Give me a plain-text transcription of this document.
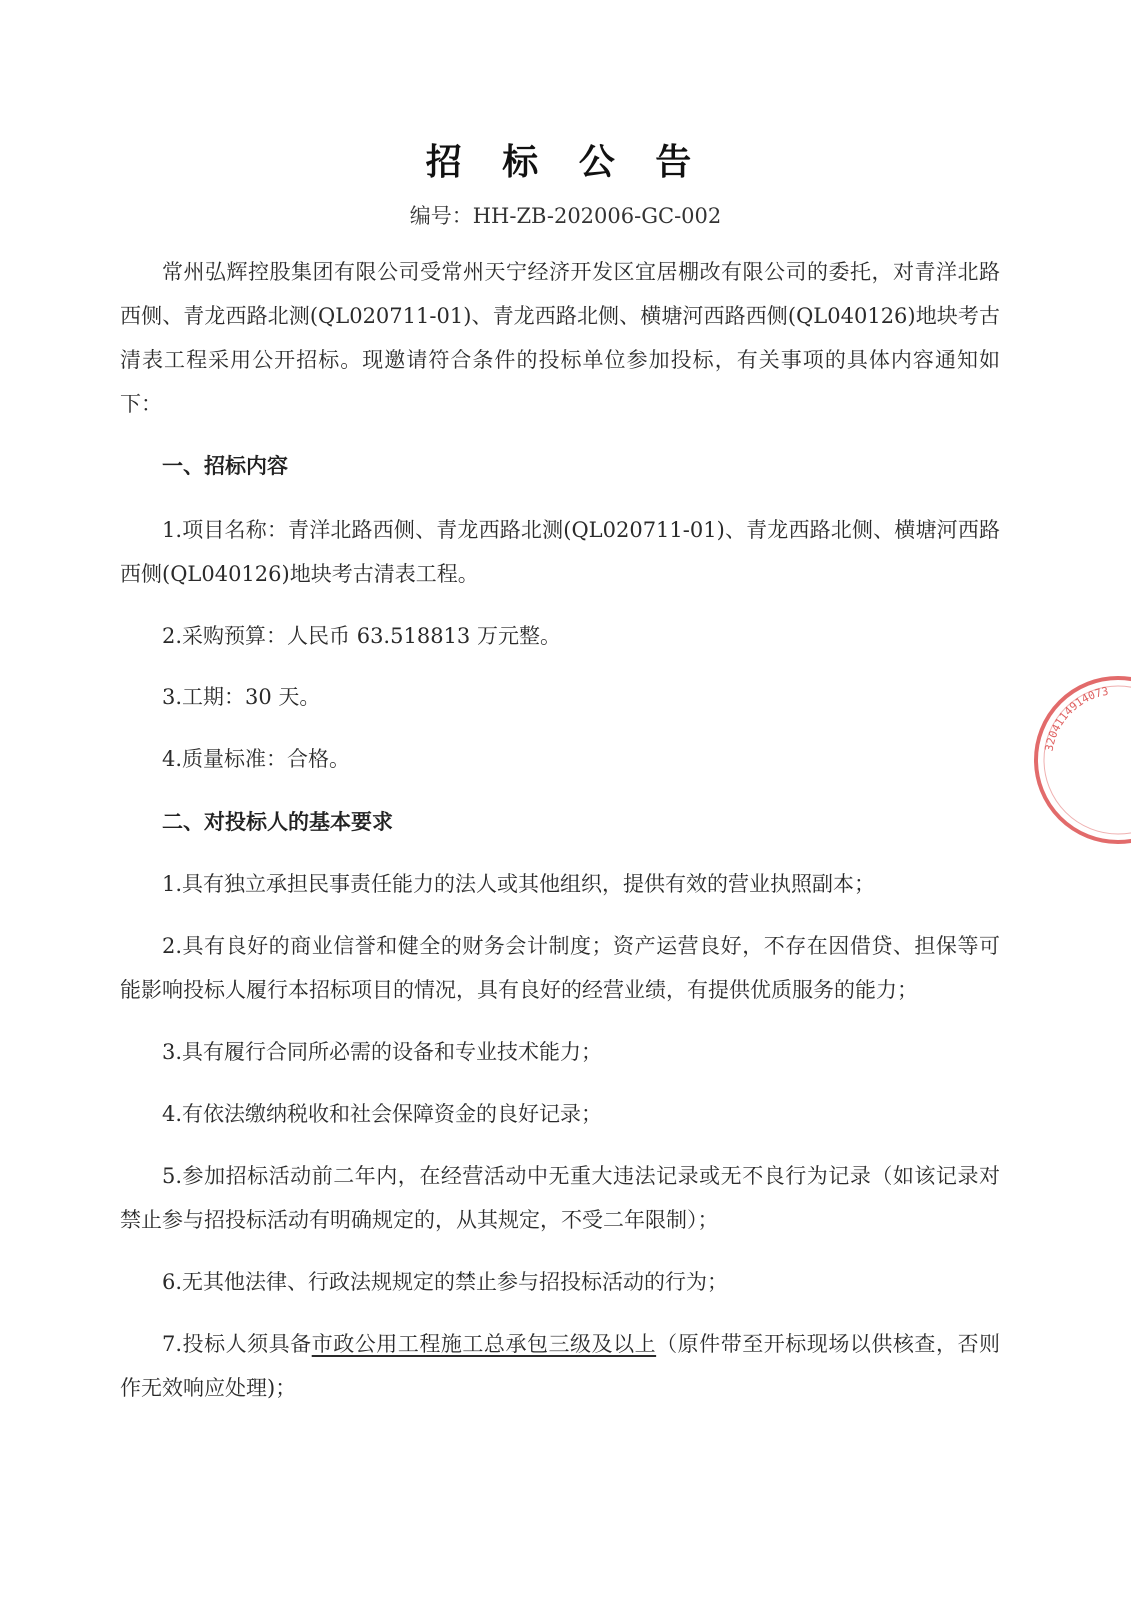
招 标 公 告
编号：HH-ZB-202006-GC-002
常州弘辉控股集团有限公司受常州天宁经济开发区宜居棚改有限公司的委托，对青洋北路西侧、青龙西路北测(QL020711-01)、青龙西路北侧、横塘河西路西侧(QL040126)地块考古清表工程采用公开招标。现邀请符合条件的投标单位参加投标，有关事项的具体内容通知如下：
一、招标内容
1.项目名称：青洋北路西侧、青龙西路北测(QL020711-01)、青龙西路北侧、横塘河西路西侧(QL040126)地块考古清表工程。
2.采购预算：人民币 63.518813 万元整。
3.工期：30 天。
4.质量标准：合格。
二、对投标人的基本要求
1.具有独立承担民事责任能力的法人或其他组织，提供有效的营业执照副本；
2.具有良好的商业信誉和健全的财务会计制度；资产运营良好，不存在因借贷、担保等可能影响投标人履行本招标项目的情况，具有良好的经营业绩，有提供优质服务的能力；
3.具有履行合同所必需的设备和专业技术能力；
4.有依法缴纳税收和社会保障资金的良好记录；
5.参加招标活动前二年内，在经营活动中无重大违法记录或无不良行为记录（如该记录对禁止参与招投标活动有明确规定的，从其规定，不受二年限制）；
6.无其他法律、行政法规规定的禁止参与招投标活动的行为；
7.投标人须具备市政公用工程施工总承包三级及以上（原件带至开标现场以供核查，否则作无效响应处理)；
3204114914073
